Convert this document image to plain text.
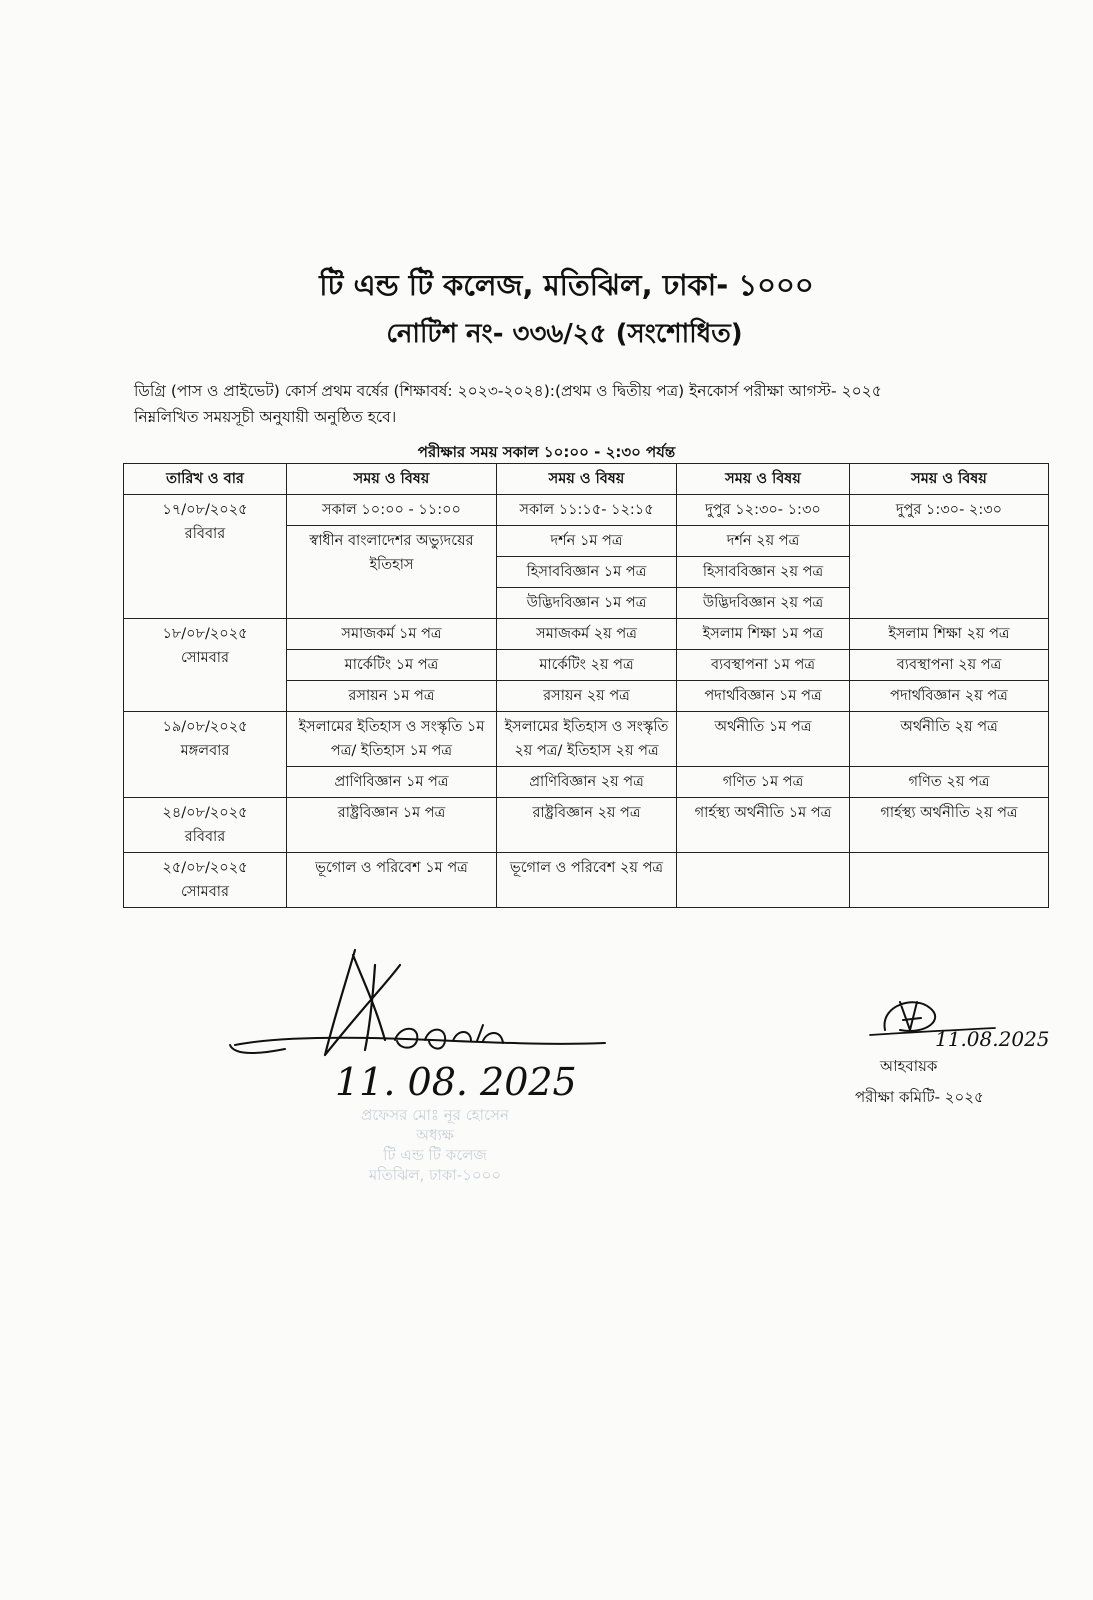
টি এন্ড টি কলেজ, মতিঝিল, ঢাকা- ১০০০
নোটিশ নং- ৩৩৬/২৫ (সংশোধিত)

ডিগ্রি (পাস ও প্রাইভেট) কোর্স প্রথম বর্ষের (শিক্ষাবর্ষ: ২০২৩-২০২৪):(প্রথম ও দ্বিতীয় পত্র) ইনকোর্স পরীক্ষা আগস্ট- ২০২৫
নিম্নলিখিত সময়সূচী অনুযায়ী অনুষ্ঠিত হবে।

পরীক্ষার সময় সকাল ১০:০০ - ২:৩০ পর্যন্ত

তারিখ ও বার	সময় ও বিষয়	সময় ও বিষয়	সময় ও বিষয়	সময় ও বিষয়

১৭/০৮/২০২৫
রবিবার	সকাল ১০:০০ - ১১:০০	সকাল ১১:১৫- ১২:১৫	দুপুর ১২:৩০- ১:৩০	দুপুর ১:৩০- ২:৩০
	স্বাধীন বাংলাদেশর অভ্যুদয়ের ইতিহাস	দর্শন ১ম পত্র	দর্শন ২য় পত্র	
		হিসাববিজ্ঞান ১ম পত্র	হিসাববিজ্ঞান ২য় পত্র	
		উদ্ভিদবিজ্ঞান ১ম পত্র	উদ্ভিদবিজ্ঞান ২য় পত্র	

১৮/০৮/২০২৫
সোমবার	সমাজকর্ম ১ম পত্র	সমাজকর্ম ২য় পত্র	ইসলাম শিক্ষা ১ম পত্র	ইসলাম শিক্ষা ২য় পত্র
	মার্কেটিং ১ম পত্র	মার্কেটিং ২য় পত্র	ব্যবস্থাপনা ১ম পত্র	ব্যবস্থাপনা ২য় পত্র
	রসায়ন ১ম পত্র	রসায়ন ২য় পত্র	পদার্থবিজ্ঞান ১ম পত্র	পদার্থবিজ্ঞান ২য় পত্র

১৯/০৮/২০২৫
মঙ্গলবার	ইসলামের ইতিহাস ও সংস্কৃতি ১ম পত্র/ ইতিহাস ১ম পত্র	ইসলামের ইতিহাস ও সংস্কৃতি ২য় পত্র/ ইতিহাস ২য় পত্র	অর্থনীতি ১ম পত্র	অর্থনীতি ২য় পত্র
	প্রাণিবিজ্ঞান ১ম পত্র	প্রাণিবিজ্ঞান ২য় পত্র	গণিত ১ম পত্র	গণিত ২য় পত্র

২৪/০৮/২০২৫
রবিবার	রাষ্ট্রবিজ্ঞান ১ম পত্র	রাষ্ট্রবিজ্ঞান ২য় পত্র	গার্হস্থ্য অর্থনীতি ১ম পত্র	গার্হস্থ্য অর্থনীতি ২য় পত্র

২৫/০৮/২০২৫
সোমবার	ভূগোল ও পরিবেশ ১ম পত্র	ভূগোল ও পরিবেশ ২য় পত্র		
11. 08. 2025
প্রফেসর মোঃ নূর হোসেন
অধ্যক্ষ
টি এন্ড টি কলেজ
মতিঝিল, ঢাকা-১০০০
11.08.2025

আহবায়ক

পরীক্ষা কমিটি- ২০২৫
